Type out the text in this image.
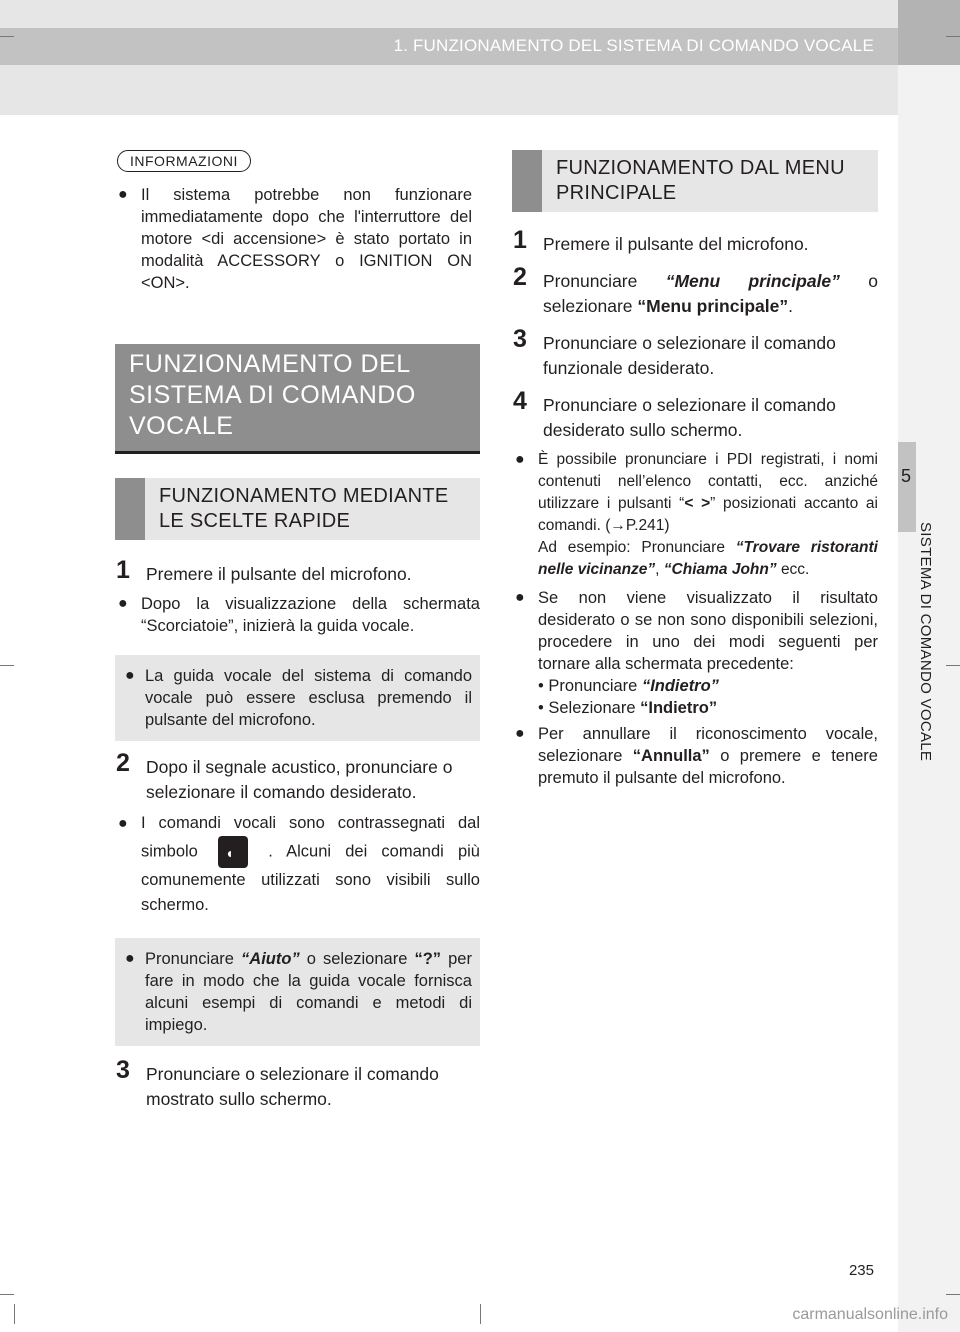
1. FUNZIONAMENTO DEL SISTEMA DI COMANDO VOCALE
5
SISTEMA DI COMANDO VOCALE
INFORMAZIONI
● Il sistema potrebbe non funzionare immediatamente dopo che l'interruttore del motore <di accensione> è stato portato in modalità ACCESSORY o IGNITION ON <ON>.
FUNZIONAMENTO DEL SISTEMA DI COMANDO VOCALE
FUNZIONAMENTO MEDIANTE LE SCELTE RAPIDE
1 Premere il pulsante del microfono.
● Dopo la visualizzazione della schermata “Scorciatoie”, inizierà la guida vocale.
● La guida vocale del sistema di comando vocale può essere esclusa premendo il pulsante del microfono.
2 Dopo il segnale acustico, pronunciare o selezionare il comando desiderato.
● I comandi vocali sono contrassegnati dal simbolo ◖	. Alcuni dei comandi più comunemente utilizzati sono visibili sullo schermo.
● Pronunciare “Aiuto” o selezionare “?” per fare in modo che la guida vocale fornisca alcuni esempi di comandi e metodi di impiego.
3 Pronunciare o selezionare il comando mostrato sullo schermo.
FUNZIONAMENTO DAL MENU PRINCIPALE
1 Premere il pulsante del microfono.
2 Pronunciare “Menu principale” o selezionare “Menu principale”.
3 Pronunciare o selezionare il comando funzionale desiderato.
4 Pronunciare o selezionare il comando desiderato sullo schermo.
● È possibile pronunciare i PDI registrati, i nomi contenuti nell’elenco contatti, ecc. anziché utilizzare i pulsanti “< >” posizionati accanto ai comandi. (→P.241)
Ad esempio: Pronunciare “Trovare ristoranti nelle vicinanze”, “Chiama John” ecc.
● Se non viene visualizzato il risultato desiderato o se non sono disponibili selezioni, procedere in uno dei modi seguenti per tornare alla schermata precedente:
• Pronunciare “Indietro”
• Selezionare “Indietro”
● Per annullare il riconoscimento vocale, selezionare “Annulla” o premere e tenere premuto il pulsante del microfono.
235
carmanualsonline.info
